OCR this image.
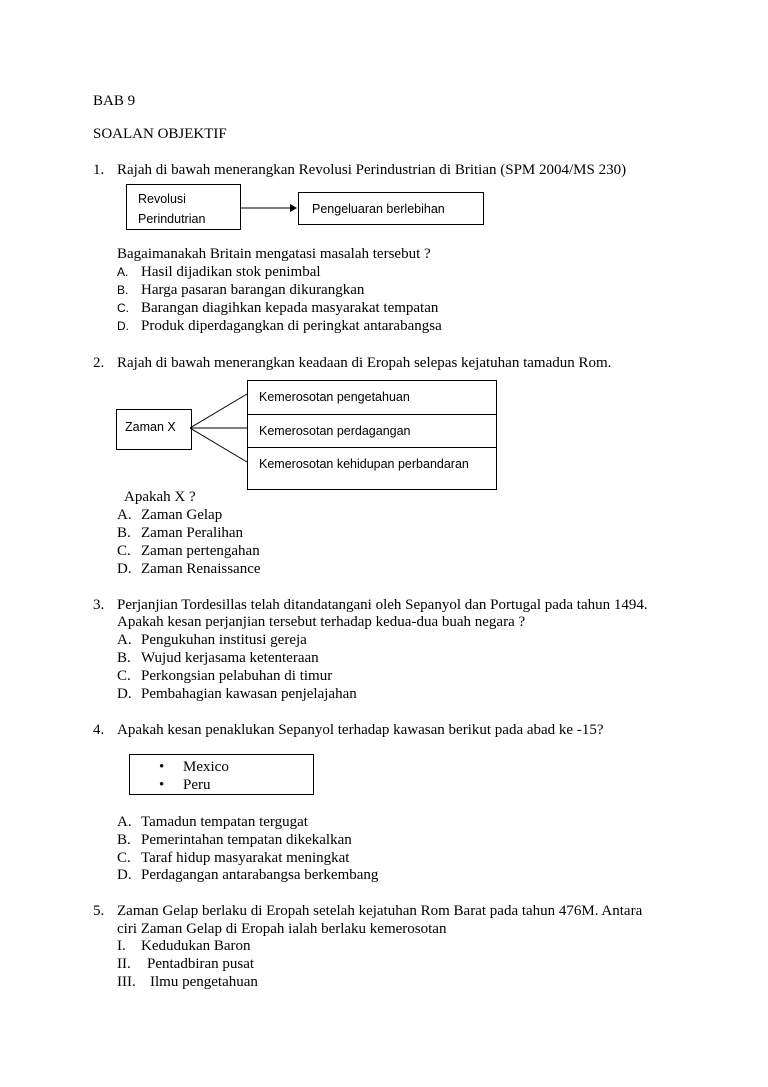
BAB 9
SOALAN OBJEKTIF
1. Rajah di bawah menerangkan Revolusi Perindustrian di Britian (SPM 2004/MS 230)
Revolusi
Perindutrian
Pengeluaran berlebihan
Bagaimanakah Britain mengatasi masalah tersebut ?
A. Hasil dijadikan stok penimbal
B. Harga pasaran barangan dikurangkan
C. Barangan diagihkan kepada masyarakat tempatan
D. Produk diperdagangkan di peringkat antarabangsa
2. Rajah di bawah menerangkan keadaan di Eropah selepas kejatuhan tamadun Rom.
Zaman X
Kemerosotan pengetahuan
Kemerosotan perdagangan
Kemerosotan kehidupan perbandaran
Apakah X ?
A. Zaman Gelap
B. Zaman Peralihan
C. Zaman pertengahan
D. Zaman Renaissance
3. Perjanjian Tordesillas telah ditandatangani oleh Sepanyol dan Portugal pada tahun 1494.
Apakah kesan perjanjian tersebut terhadap kedua-dua buah negara ?
A. Pengukuhan institusi gereja
B. Wujud kerjasama ketenteraan
C. Perkongsian pelabuhan di timur
D. Pembahagian kawasan penjelajahan
4. Apakah kesan penaklukan Sepanyol terhadap kawasan berikut pada abad ke -15?
• Mexico
• Peru
A. Tamadun tempatan tergugat
B. Pemerintahan tempatan dikekalkan
C. Taraf hidup masyarakat meningkat
D. Perdagangan antarabangsa berkembang
5. Zaman Gelap berlaku di Eropah setelah kejatuhan Rom Barat pada tahun 476M. Antara
ciri Zaman Gelap di Eropah ialah berlaku kemerosotan
I. Kedudukan Baron
II. Pentadbiran pusat
III. Ilmu pengetahuan
